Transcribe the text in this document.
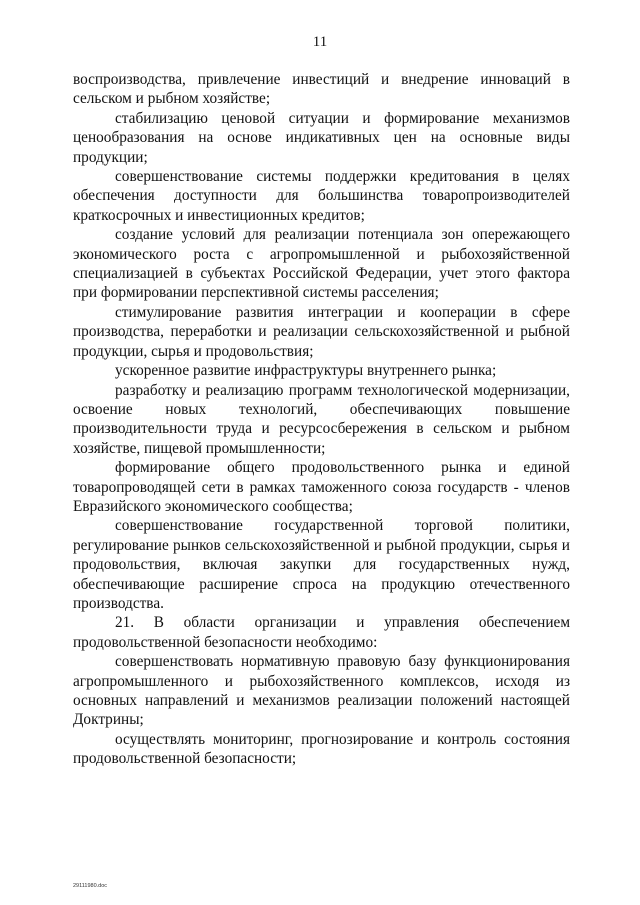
11

воспроизводства, привлечение инвестиций и внедрение инноваций в сельском и рыбном хозяйстве;

стабилизацию ценовой ситуации и формирование механизмов ценообразования на основе индикативных цен на основные виды продукции;

совершенствование системы поддержки кредитования в целях обеспечения доступности для большинства товаропроизводителей краткосрочных и инвестиционных кредитов;

создание условий для реализации потенциала зон опережающего экономического роста с агропромышленной и рыбохозяйственной специализацией в субъектах Российской Федерации, учет этого фактора при формировании перспективной системы расселения;

стимулирование развития интеграции и кооперации в сфере производства, переработки и реализации сельскохозяйственной и рыбной продукции, сырья и продовольствия;

ускоренное развитие инфраструктуры внутреннего рынка;

разработку и реализацию программ технологической модернизации, освоение новых технологий, обеспечивающих повышение производительности труда и ресурсосбережения в сельском и рыбном хозяйстве, пищевой промышленности;

формирование общего продовольственного рынка и единой товаропроводящей сети в рамках таможенного союза государств - членов Евразийского экономического сообщества;

совершенствование государственной торговой политики, регулирование рынков сельскохозяйственной и рыбной продукции, сырья и продовольствия, включая закупки для государственных нужд, обеспечивающие расширение спроса на продукцию отечественного производства.

21. В области организации и управления обеспечением продовольственной безопасности необходимо:

совершенствовать нормативную правовую базу функционирования агропромышленного и рыбохозяйственного комплексов, исходя из основных направлений и механизмов реализации положений настоящей Доктрины;

осуществлять мониторинг, прогнозирование и контроль состояния продовольственной безопасности;

29111980.doc
